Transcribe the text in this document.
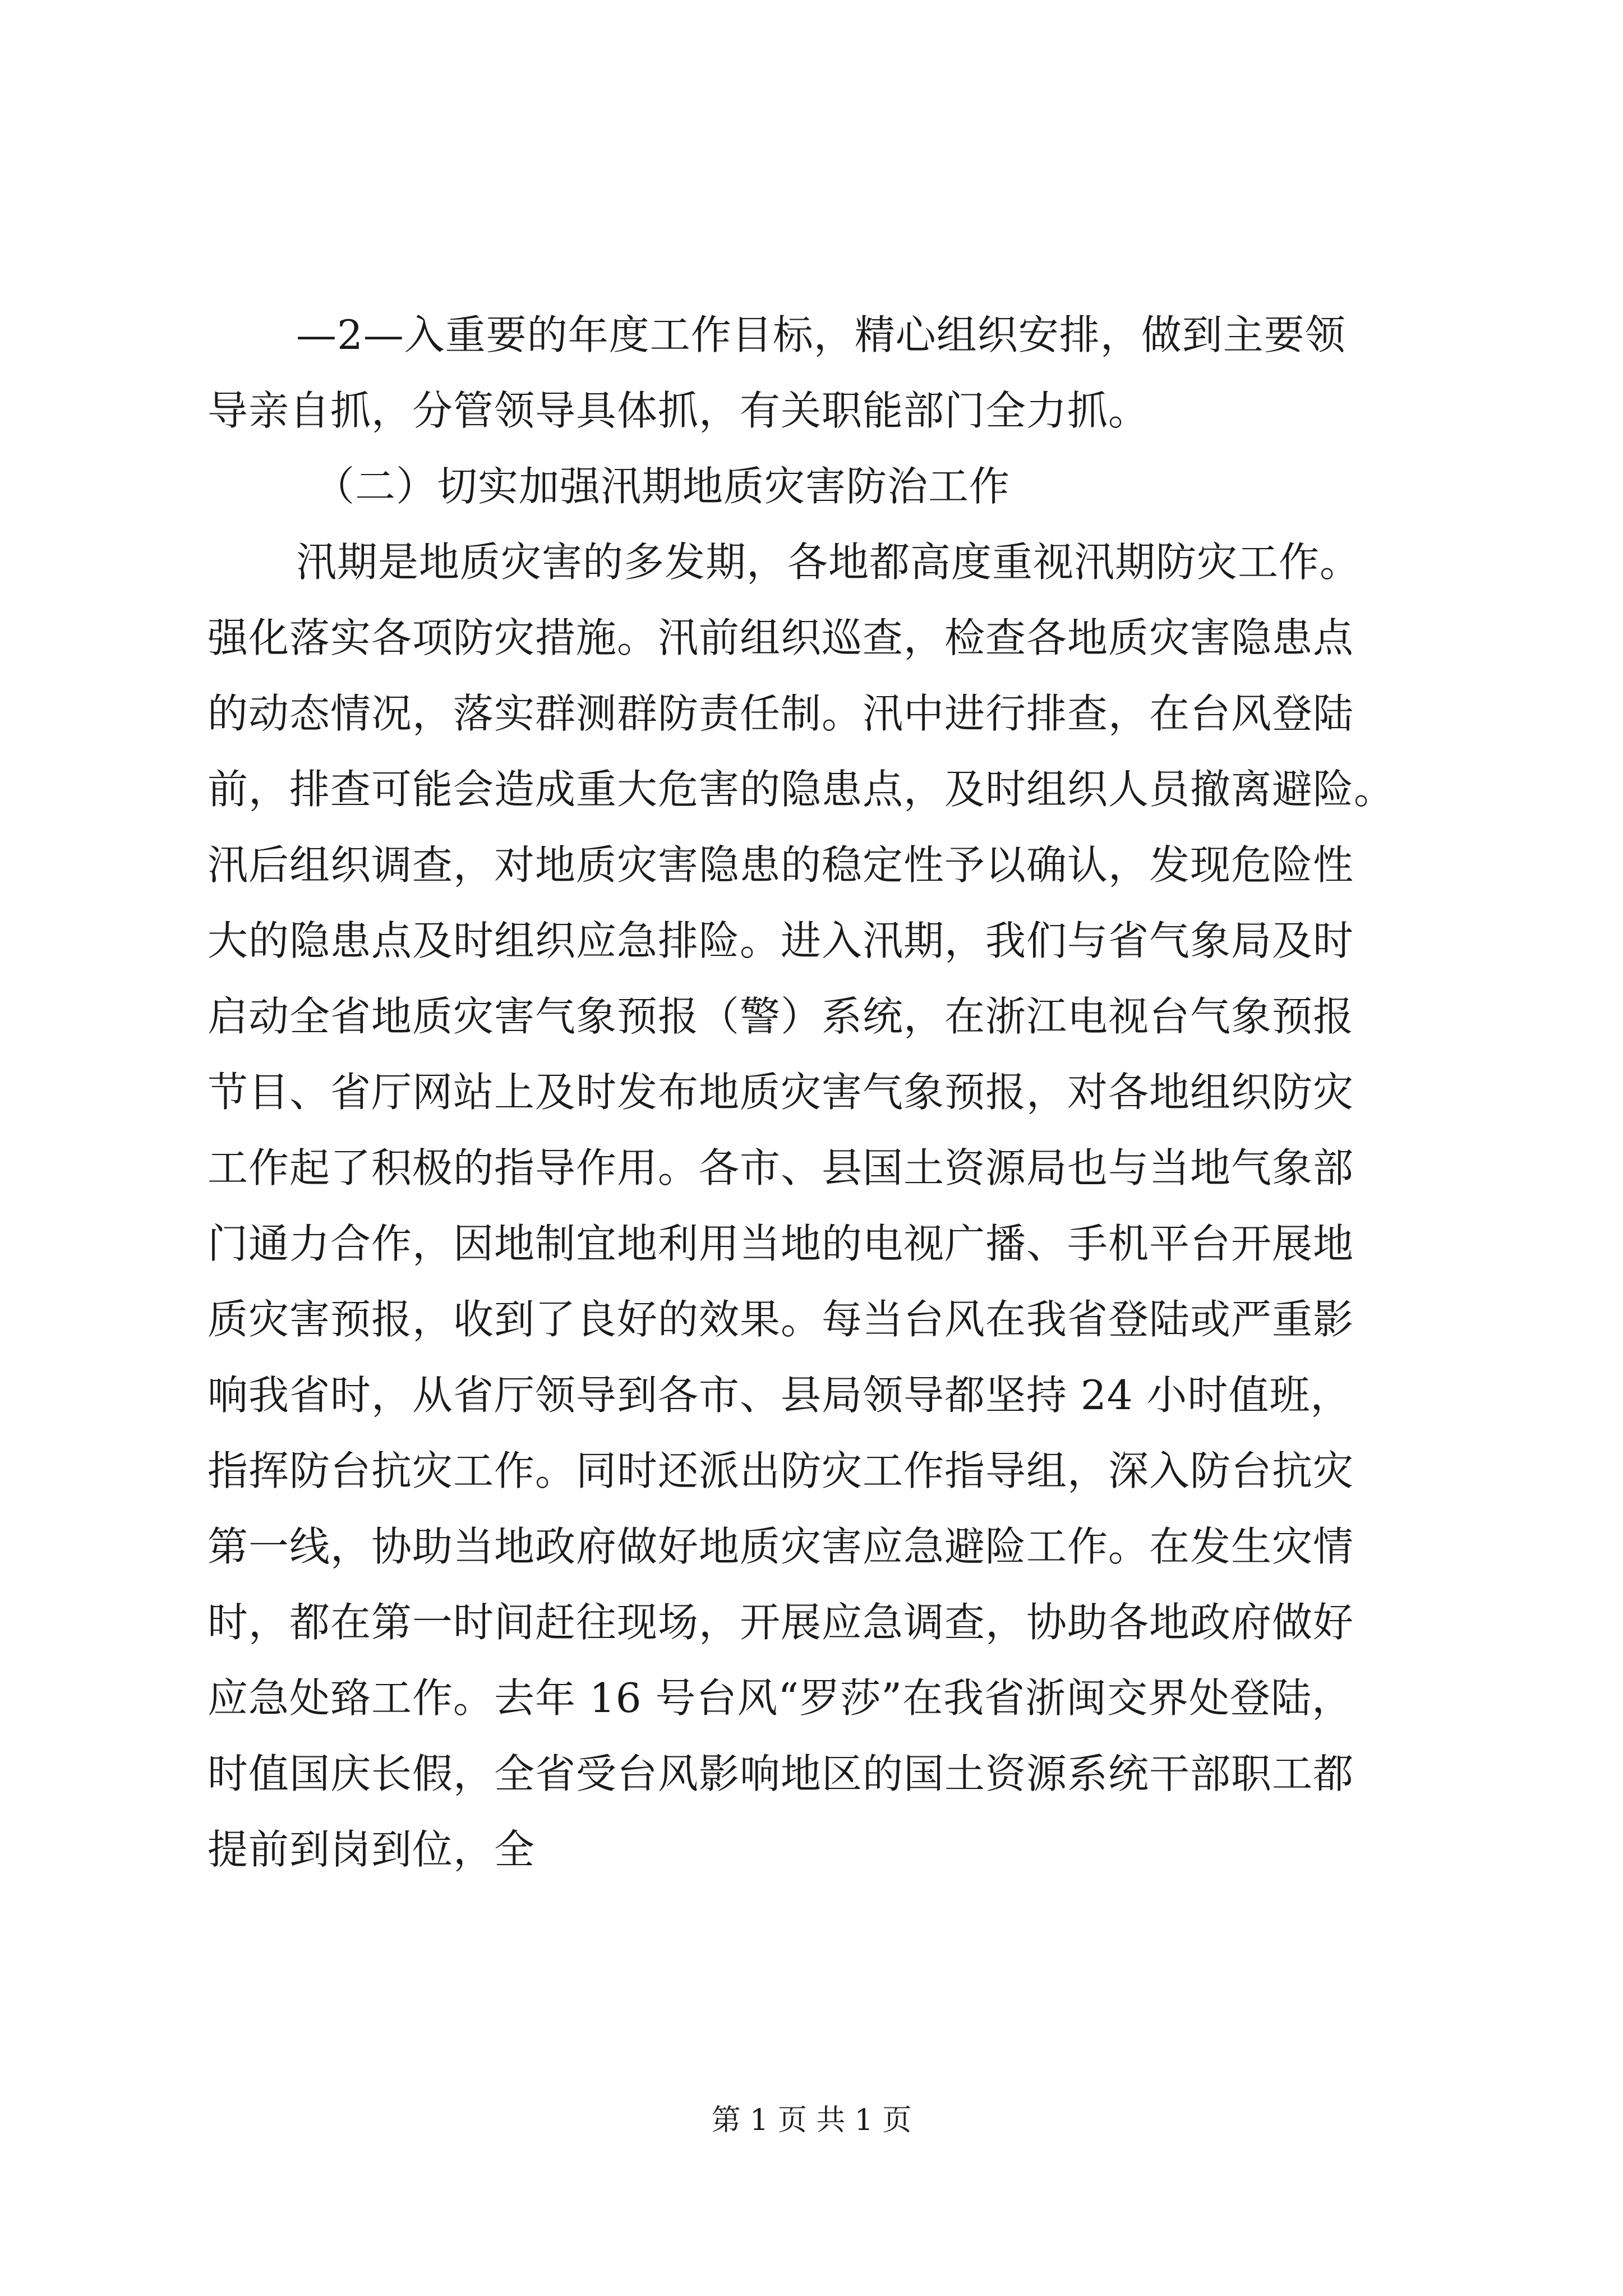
—2—入重要的年度工作目标，精心组织安排，做到主要领
导亲自抓，分管领导具体抓，有关职能部门全力抓。
（二）切实加强汛期地质灾害防治工作
汛期是地质灾害的多发期，各地都高度重视汛期防灾工作。
强化落实各项防灾措施。汛前组织巡查，检查各地质灾害隐患点
的动态情况，落实群测群防责任制。汛中进行排查，在台风登陆
前，排查可能会造成重大危害的隐患点，及时组织人员撤离避险。
汛后组织调查，对地质灾害隐患的稳定性予以确认，发现危险性
大的隐患点及时组织应急排险。进入汛期，我们与省气象局及时
启动全省地质灾害气象预报（警）系统，在浙江电视台气象预报
节目、省厅网站上及时发布地质灾害气象预报，对各地组织防灾
工作起了积极的指导作用。各市、县国土资源局也与当地气象部
门通力合作，因地制宜地利用当地的电视广播、手机平台开展地
质灾害预报，收到了良好的效果。每当台风在我省登陆或严重影
响我省时，从省厅领导到各市、县局领导都坚持 24 小时值班，
指挥防台抗灾工作。同时还派出防灾工作指导组，深入防台抗灾
第一线，协助当地政府做好地质灾害应急避险工作。在发生灾情
时，都在第一时间赶往现场，开展应急调查，协助各地政府做好
应急处臵工作。去年 16 号台风“罗莎”在我省浙闽交界处登陆，
时值国庆长假，全省受台风影响地区的国土资源系统干部职工都
提前到岗到位，全
第 1 页 共 1 页
